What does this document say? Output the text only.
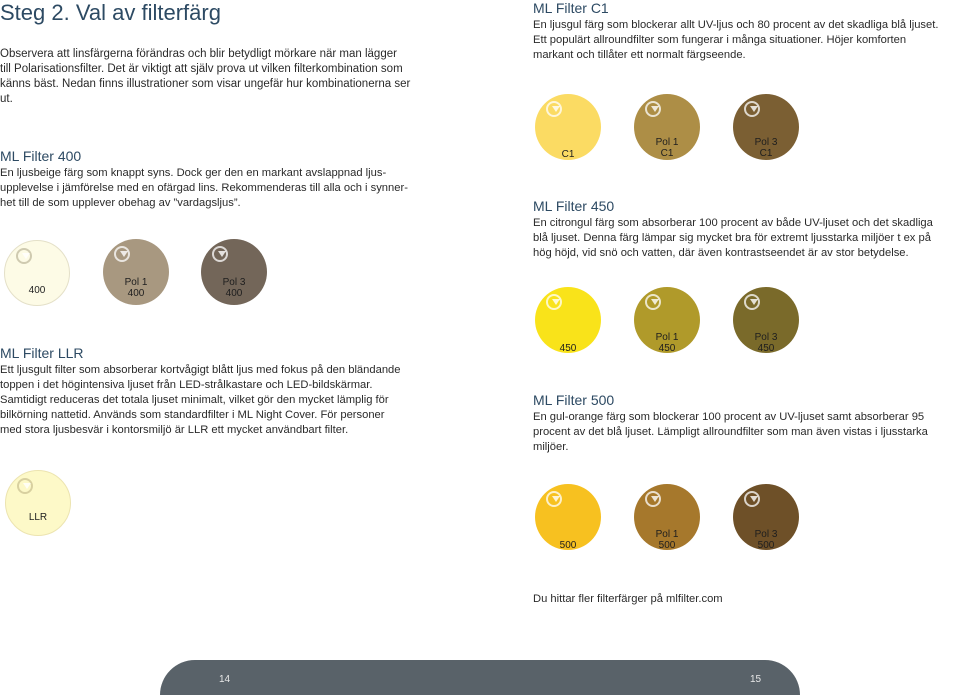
Steg 2. Val av filterfärg
Observera att linsfärgerna förändras och blir betydligt mörkare när man lägger
till Polarisationsfilter. Det är viktigt att själv prova ut vilken filterkombination som
känns bäst. Nedan finns illustrationer som visar ungefär hur kombinationerna ser
ut.
ML Filter 400
En ljusbeige färg som knappt syns. Dock ger den en markant avslappnad ljus-
upplevelse i jämförelse med en ofärgad lins. Rekommenderas till alla och i synner-
het till de som upplever obehag av ”vardagsljus”.
400
Pol 1
400
Pol 3
400
ML Filter LLR
Ett ljusgult filter som absorberar kortvågigt blått ljus med fokus på den bländande
toppen i det högintensiva ljuset från LED-strålkastare och LED-bildskärmar.
Samtidigt reduceras det totala ljuset minimalt, vilket gör den mycket lämplig för
bilkörning nattetid. Används som standardfilter i ML Night Cover. För personer
med stora ljusbesvär i kontorsmiljö är LLR ett mycket användbart filter.
LLR
ML Filter C1
En ljusgul färg som blockerar allt UV-ljus och 80 procent av det skadliga blå ljuset.
Ett populärt allroundfilter som fungerar i många situationer. Höjer komforten
markant och tillåter ett normalt färgseende.
C1
Pol 1
C1
Pol 3
C1
ML Filter 450
En citrongul färg som absorberar 100 procent av både UV-ljuset och det skadliga
blå ljuset. Denna färg lämpar sig mycket bra för extremt ljusstarka miljöer t ex på
hög höjd, vid snö och vatten, där även kontrastseendet är av stor betydelse.
450
Pol 1
450
Pol 3
450
ML Filter 500
En gul-orange färg som blockerar 100 procent av UV-ljuset samt absorberar 95
procent av det blå ljuset. Lämpligt allroundfilter som man även vistas i ljusstarka
miljöer.
500
Pol 1
500
Pol 3
500
Du hittar fler filterfärger på mlfilter.com
14	15
